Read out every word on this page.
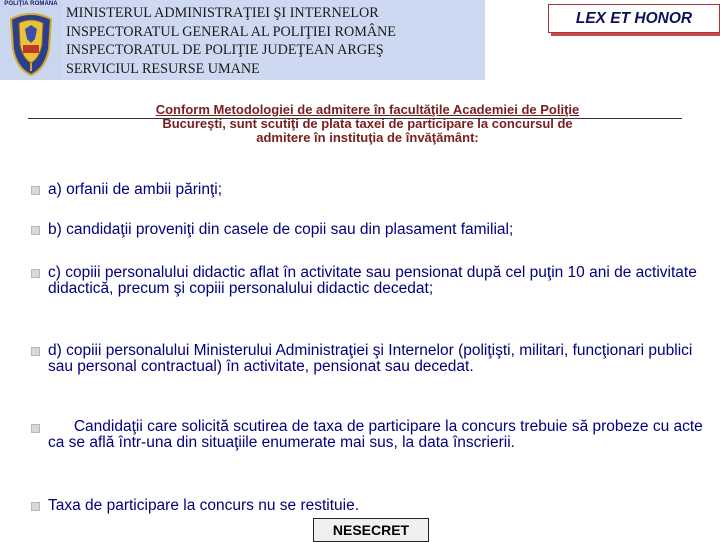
POLIŢIA ROMÂNĂ
MINISTERUL ADMINISTRAŢIEI ŞI INTERNELOR
INSPECTORATUL GENERAL AL POLIŢIEI ROMÂNE
INSPECTORATUL DE POLIŢIE JUDEŢEAN ARGEŞ
SERVICIUL RESURSE UMANE
LEX ET HONOR
Conform Metodologiei de admitere în facultăţile Academiei de Poliţie
Bucureşti, sunt scutiţi de plata taxei de participare la concursul de
admitere în instituţia de învăţământ:
a) orfanii de ambii părinţi;
b) candidaţii proveniţi din casele de copii sau din plasament familial;
c) copiii personalului didactic aflat în activitate sau pensionat după cel puţin 10 ani de activitate didactică, precum şi copiii personalului didactic decedat;
d) copiii personalului Ministerului Administraţiei şi Internelor (poliţişti, militari, funcţionari publici sau personal contractual) în activitate, pensionat sau decedat.
Candidaţii care solicită scutirea de taxa de participare la concurs trebuie să probeze cu acte ca se află într-una din situaţiile enumerate mai sus, la data înscrierii.
Taxa de participare la concurs nu se restituie.
NESECRET
